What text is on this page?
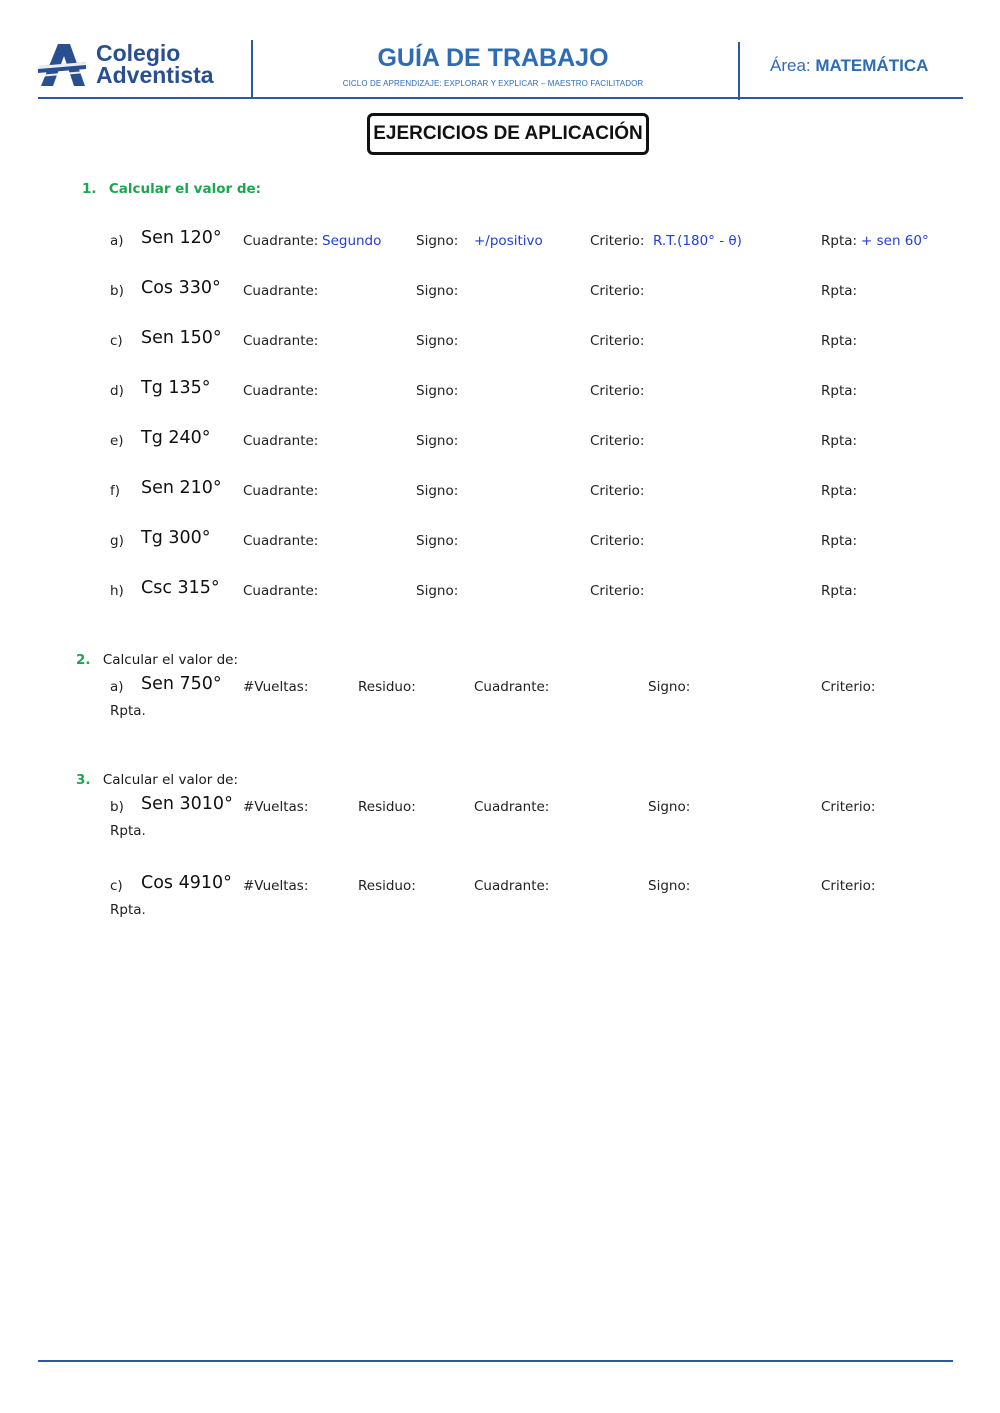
Colegio
Adventista
GUÍA DE TRABAJO
CICLO DE APRENDIZAJE: EXPLORAR Y EXPLICAR – MAESTRO FACILITADOR
Área: MATEMÁTICA
EJERCICIOS DE APLICACIÓN
1. Calcular el valor de:
a) Sen 120° Cuadrante: Segundo	Signo: +/positivo	Criterio: R.T.(180° - θ)	Rpta: + sen 60°
b) Cos 330° Cuadrante:	Signo:	Criterio:	Rpta:
c) Sen 150° Cuadrante:	Signo:	Criterio:	Rpta:
d) Tg 135° Cuadrante:	Signo:	Criterio:	Rpta:
e) Tg 240° Cuadrante:	Signo:	Criterio:	Rpta:
f) Sen 210° Cuadrante:	Signo:	Criterio:	Rpta:
g) Tg 300° Cuadrante:	Signo:	Criterio:	Rpta:
h) Csc 315° Cuadrante:	Signo:	Criterio:	Rpta:
2. Calcular el valor de:
a) Sen 750° #Vueltas:	Residuo:	Cuadrante:	Signo:	Criterio:
Rpta.
3. Calcular el valor de:
b) Sen 3010° #Vueltas:	Residuo:	Cuadrante:	Signo:	Criterio:
Rpta.
c) Cos 4910° #Vueltas:	Residuo:	Cuadrante:	Signo:	Criterio:
Rpta.
